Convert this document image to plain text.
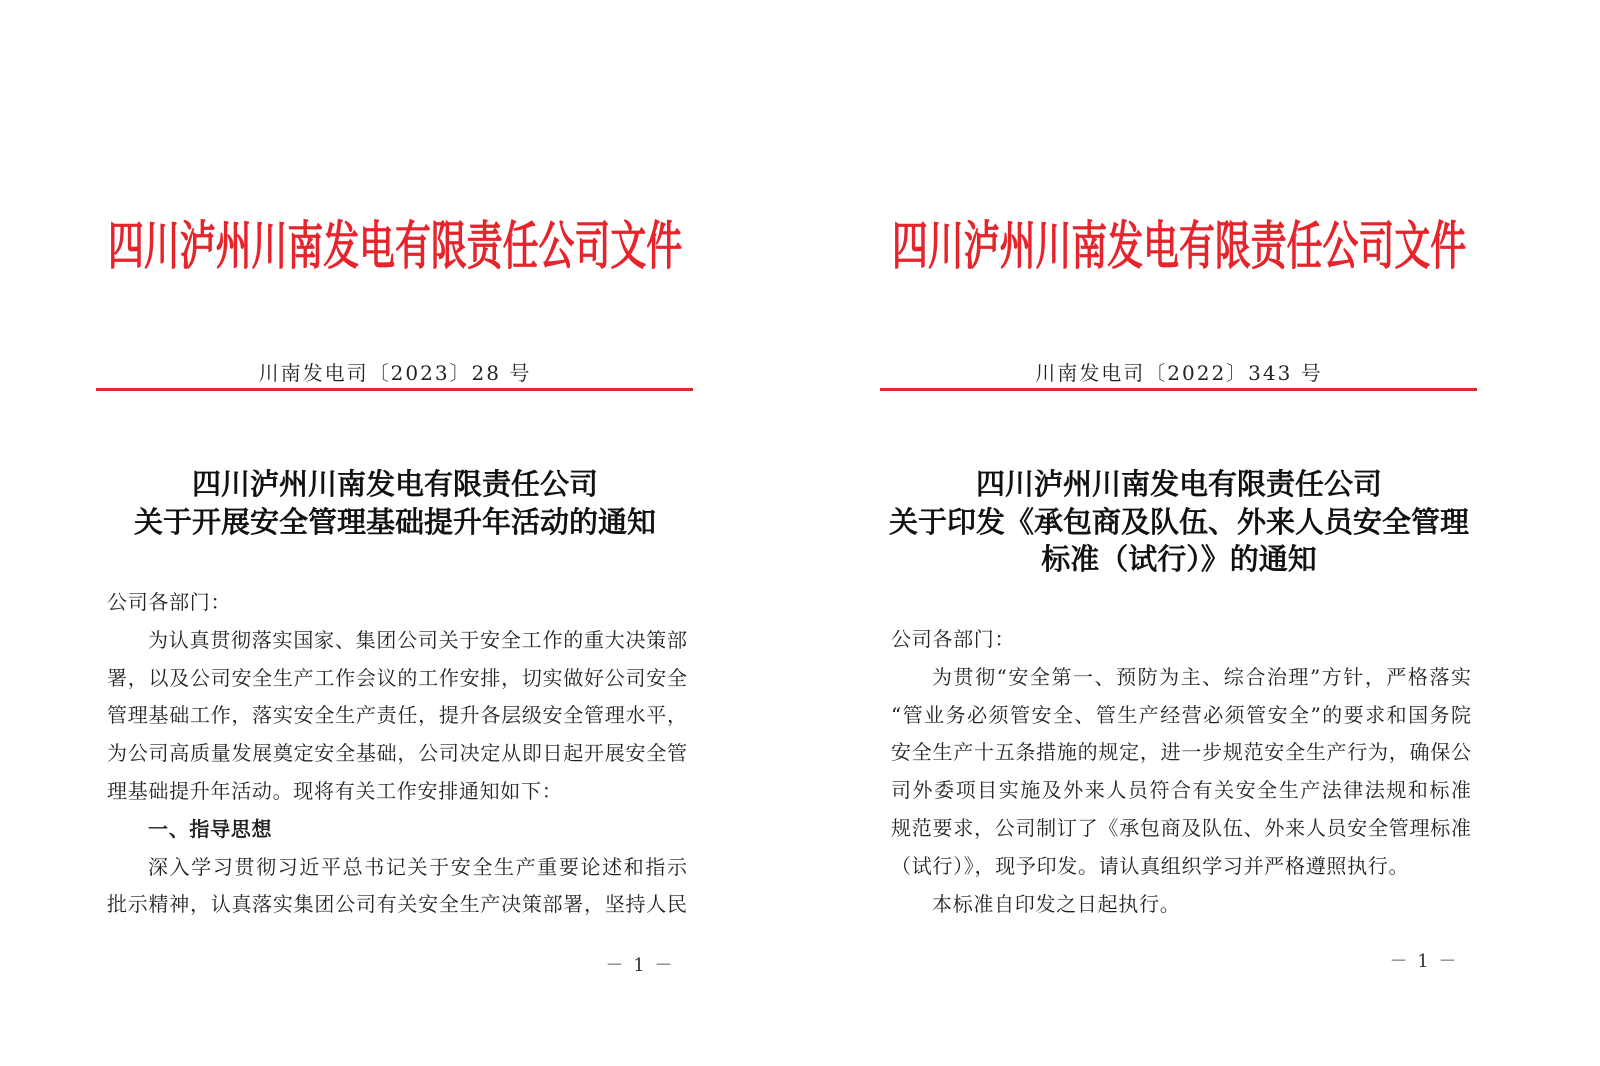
四川泸州川南发电有限责任公司文件
川南发电司〔2023〕28 号
四川泸州川南发电有限责任公司
关于开展安全管理基础提升年活动的通知
公司各部门：
为认真贯彻落实国家、集团公司关于安全工作的重大决策部
署，以及公司安全生产工作会议的工作安排，切实做好公司安全
管理基础工作，落实安全生产责任，提升各层级安全管理水平，
为公司高质量发展奠定安全基础，公司决定从即日起开展安全管
理基础提升年活动。现将有关工作安排通知如下：
一、指导思想
深入学习贯彻习近平总书记关于安全生产重要论述和指示
批示精神，认真落实集团公司有关安全生产决策部署，坚持人民
－ 1 －
四川泸州川南发电有限责任公司文件
川南发电司〔2022〕343 号
四川泸州川南发电有限责任公司
关于印发《承包商及队伍、外来人员安全管理
标准（试行）》的通知
公司各部门：
为贯彻“安全第一、预防为主、综合治理”方针，严格落实
“管业务必须管安全、管生产经营必须管安全”的要求和国务院
安全生产十五条措施的规定，进一步规范安全生产行为，确保公
司外委项目实施及外来人员符合有关安全生产法律法规和标准
规范要求，公司制订了《承包商及队伍、外来人员安全管理标准
（试行）》，现予印发。请认真组织学习并严格遵照执行。
本标准自印发之日起执行。
－ 1 －
